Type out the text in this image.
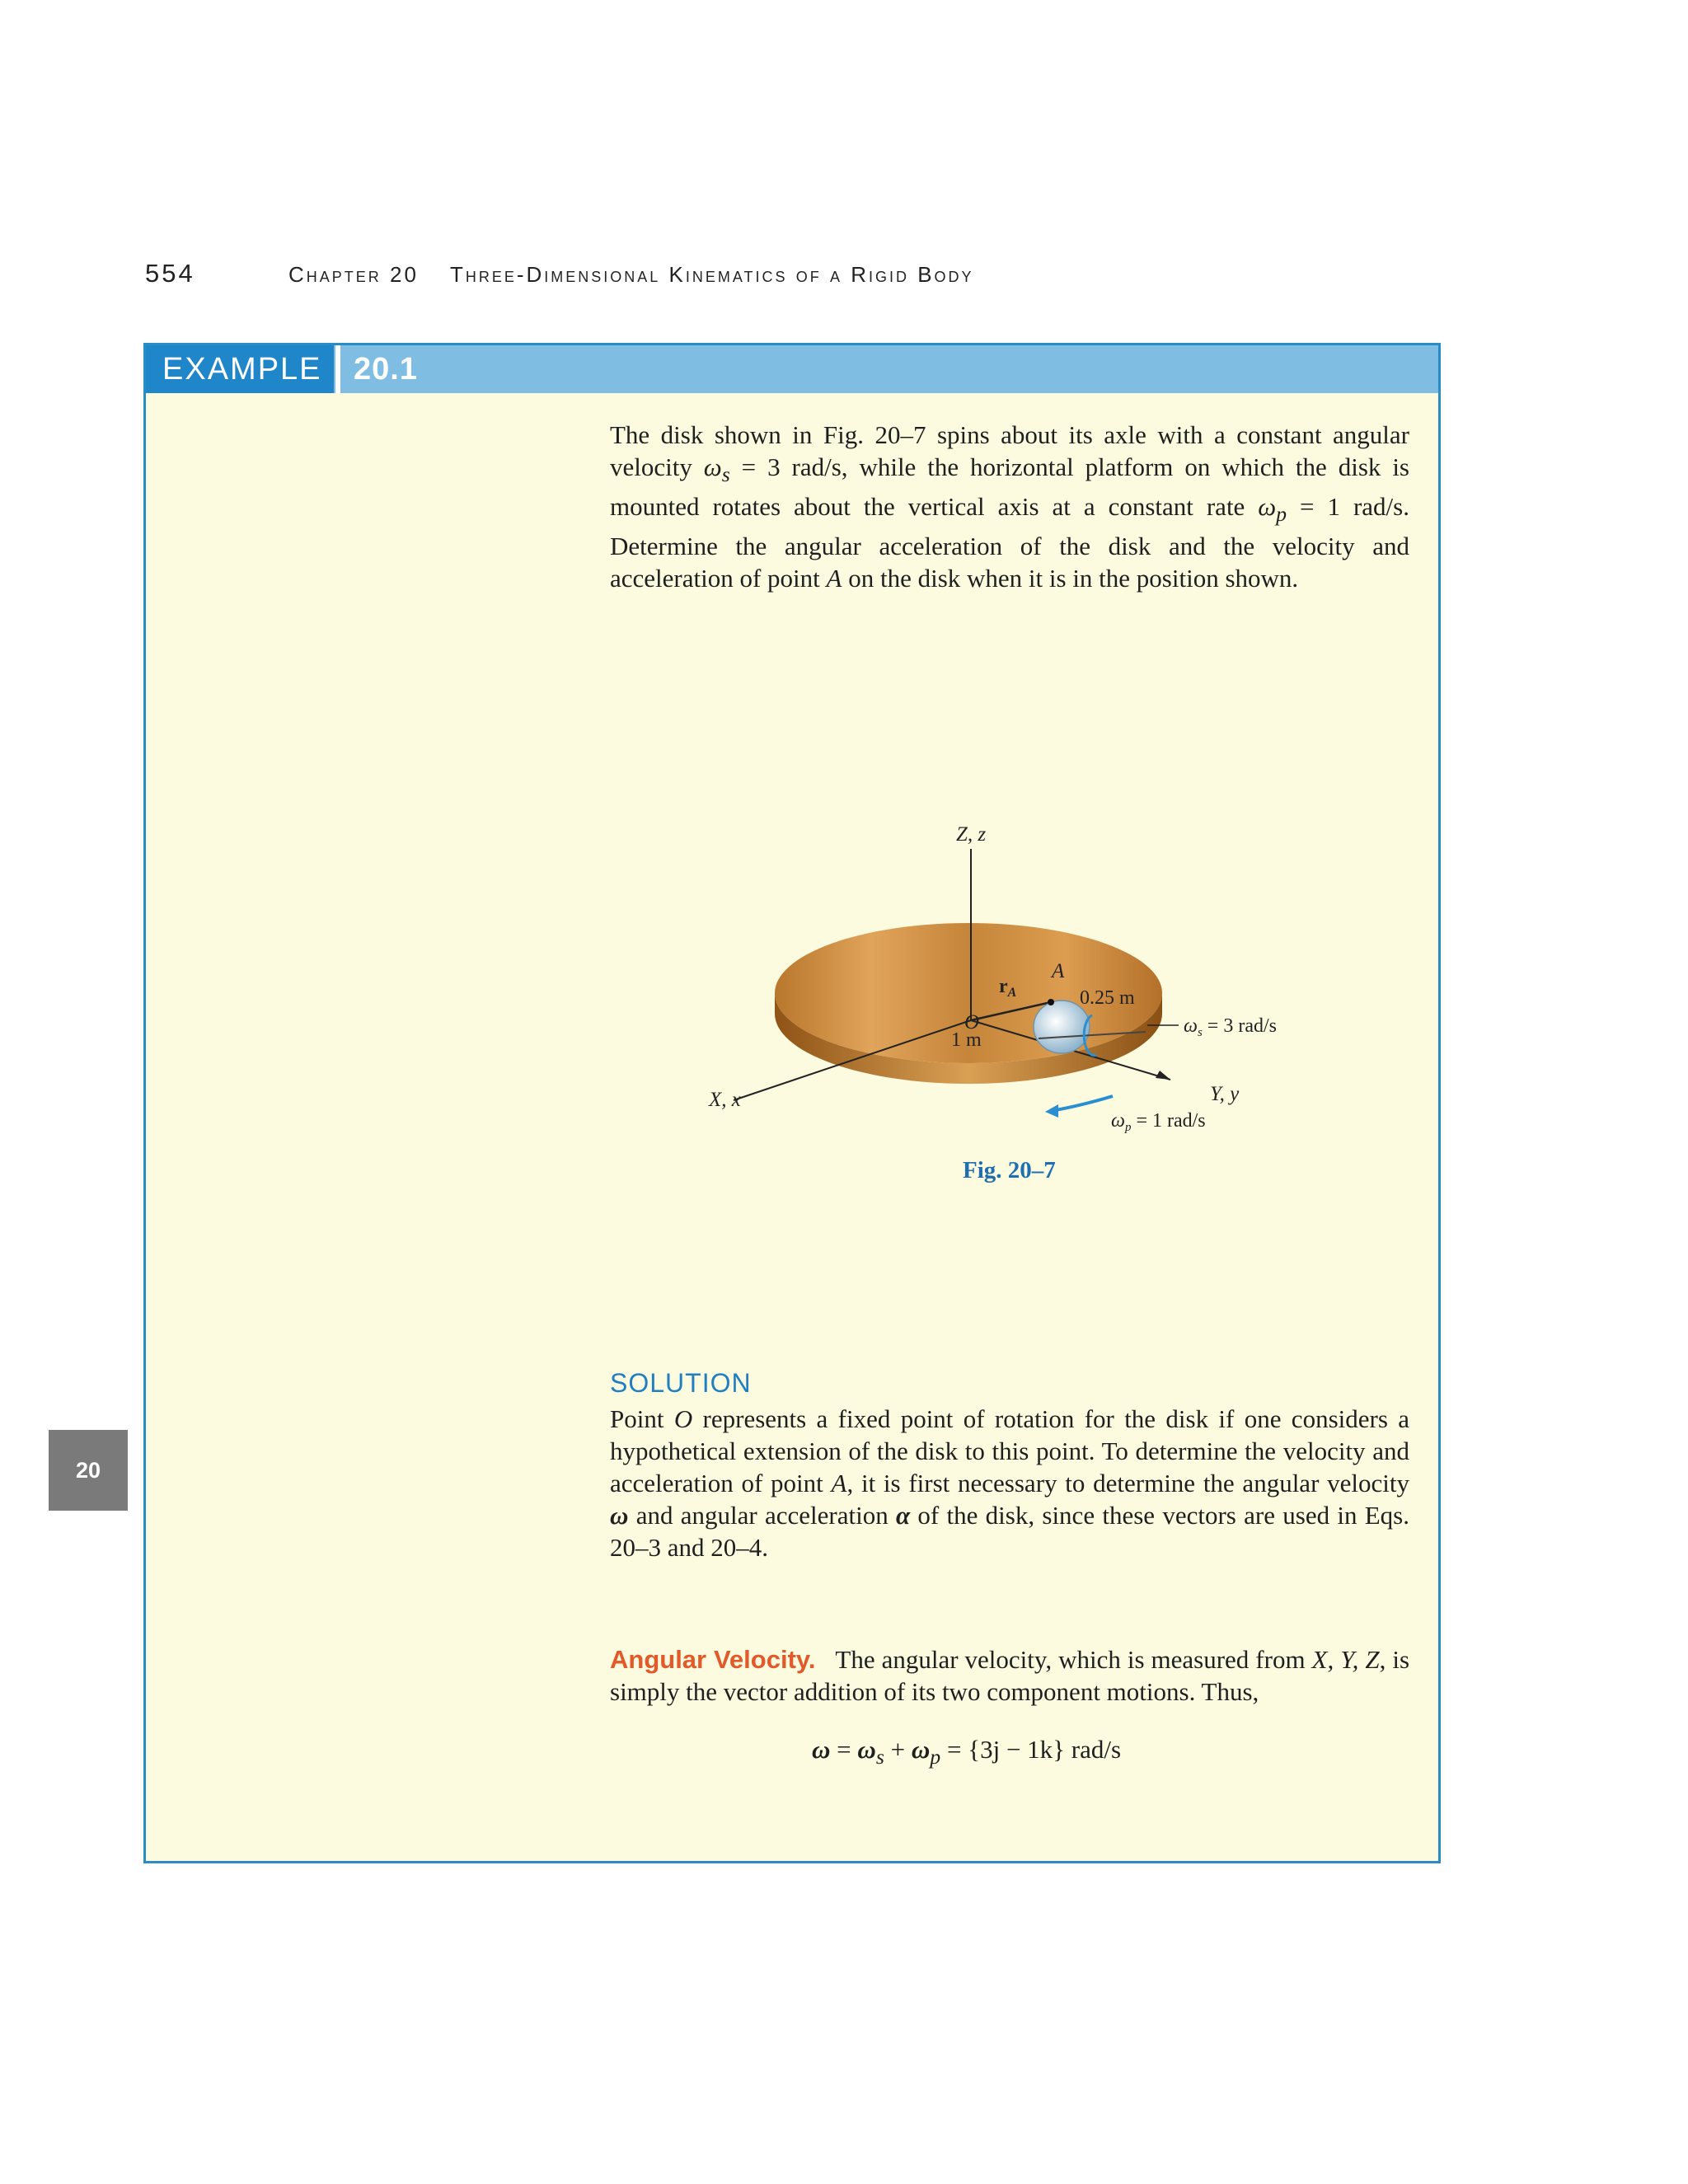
554	Chapter 20 Three-Dimensional Kinematics of a Rigid Body
EXAMPLE	20.1
The disk shown in Fig. 20–7 spins about its axle with a constant angular velocity $\omega_s = 3$ rad/s, while the horizontal platform on which the disk is mounted rotates about the vertical axis at a constant rate $\omega_p = 1$ rad/s. Determine the angular acceleration of the disk and the velocity and acceleration of point A on the disk when it is in the position shown.
Z, z
X, x	Y, y
O
$r_A$
A
0.25 m
1 m
$\omega_s = 3$ rad/s
$\omega_p = 1$ rad/s
Fig. 20–7
SOLUTION
Point O represents a fixed point of rotation for the disk if one considers a hypothetical extension of the disk to this point. To determine the velocity and acceleration of point A, it is first necessary to determine the angular velocity ω and angular acceleration α of the disk, since these vectors are used in Eqs. 20–3 and 20–4.
Angular Velocity. The angular velocity, which is measured from X, Y, Z, is simply the vector addition of its two component motions. Thus,
$\omega = \omega_s + \omega_p = \{3j - 1k\}$ rad/s
20
